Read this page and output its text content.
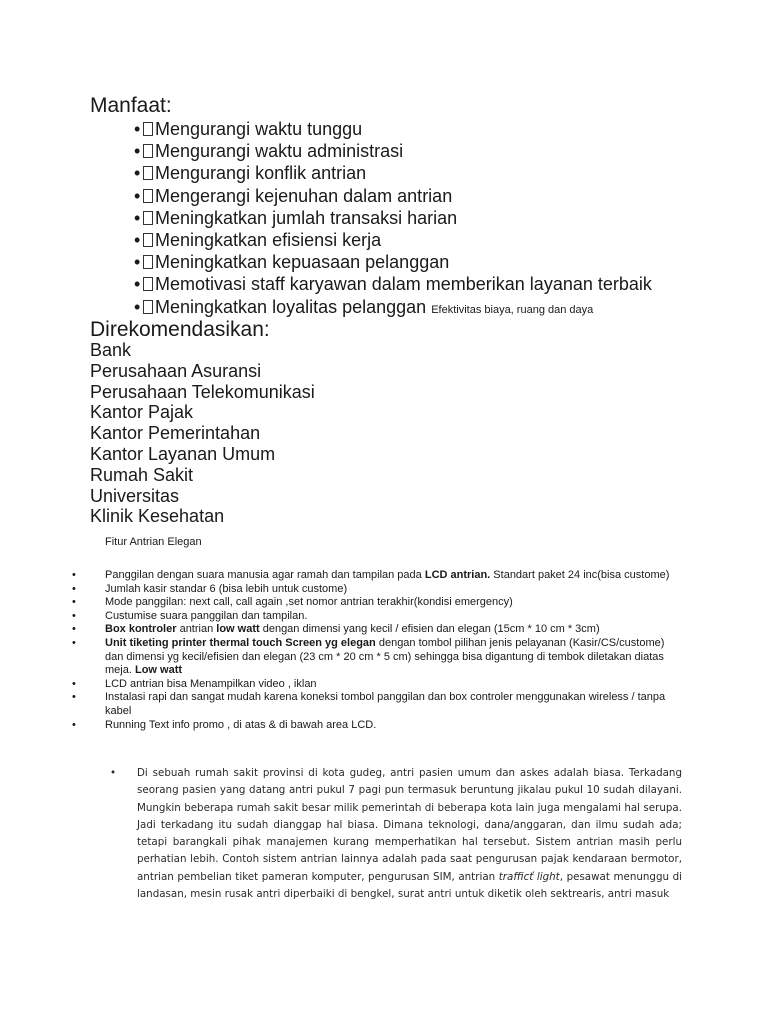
Manfaat:
• Mengurangi waktu tunggu
• Mengurangi waktu administrasi
• Mengurangi konflik antrian
• Mengerangi kejenuhan dalam antrian
• Meningkatkan jumlah transaksi harian
• Meningkatkan efisiensi kerja
• Meningkatkan kepuasaan pelanggan
• Memotivasi staff karyawan dalam memberikan layanan terbaik
• Meningkatkan loyalitas pelanggan Efektivitas biaya, ruang dan daya
Direkomendasikan:
Bank
Perusahaan Asuransi
Perusahaan Telekomunikasi
Kantor Pajak
Kantor Pemerintahan
Kantor Layanan Umum
Rumah Sakit
Universitas
Klinik Kesehatan
Fitur Antrian Elegan
•	Panggilan dengan suara manusia agar ramah dan tampilan pada LCD antrian. Standart paket 24 inc(bisa custome)
•	Jumlah kasir standar 6 (bisa lebih untuk custome)
•	Mode panggilan: next call, call again ,set nomor antrian terakhir(kondisi emergency)
•	Custumise suara panggilan dan tampilan.
•	Box kontroler antrian low watt dengan dimensi yang kecil / efisien dan elegan (15cm * 10 cm * 3cm)
•	Unit tiketing printer thermal touch Screen yg elegan dengan tombol pilihan jenis pelayanan (Kasir/CS/custome) dan dimensi yg kecil/efisien dan elegan (23 cm * 20 cm * 5 cm) sehingga bisa digantung di tembok diletakan diatas meja. Low watt
•	LCD antrian bisa Menampilkan video , iklan
•	Instalasi rapi dan sangat mudah karena koneksi tombol panggilan dan box controler menggunakan wireless / tanpa kabel
•	Running Text info promo , di atas & di bawah area LCD.
• Di sebuah rumah sakit provinsi di kota gudeg, antri pasien umum dan askes adalah biasa. Terkadang seorang pasien yang datang antri pukul 7 pagi pun termasuk beruntung jikalau pukul 10 sudah dilayani. Mungkin beberapa rumah sakit besar milik pemerintah di beberapa kota lain juga mengalami hal serupa. Jadi terkadang itu sudah dianggap hal biasa. Dimana teknologi, dana/anggaran, dan ilmu sudah ada; tetapi barangkali pihak manajemen kurang memperhatikan hal tersebut. Sistem antrian masih perlu perhatian lebih. Contoh sistem antrian lainnya adalah pada saat pengurusan pajak kendaraan bermotor, antrian pembelian tiket pameran komputer, pengurusan SIM, antrian trafficť light, pesawat menunggu di landasan, mesin rusak antri diperbaiki di bengkel, surat antri untuk diketik oleh sektrearis, antri masuk
